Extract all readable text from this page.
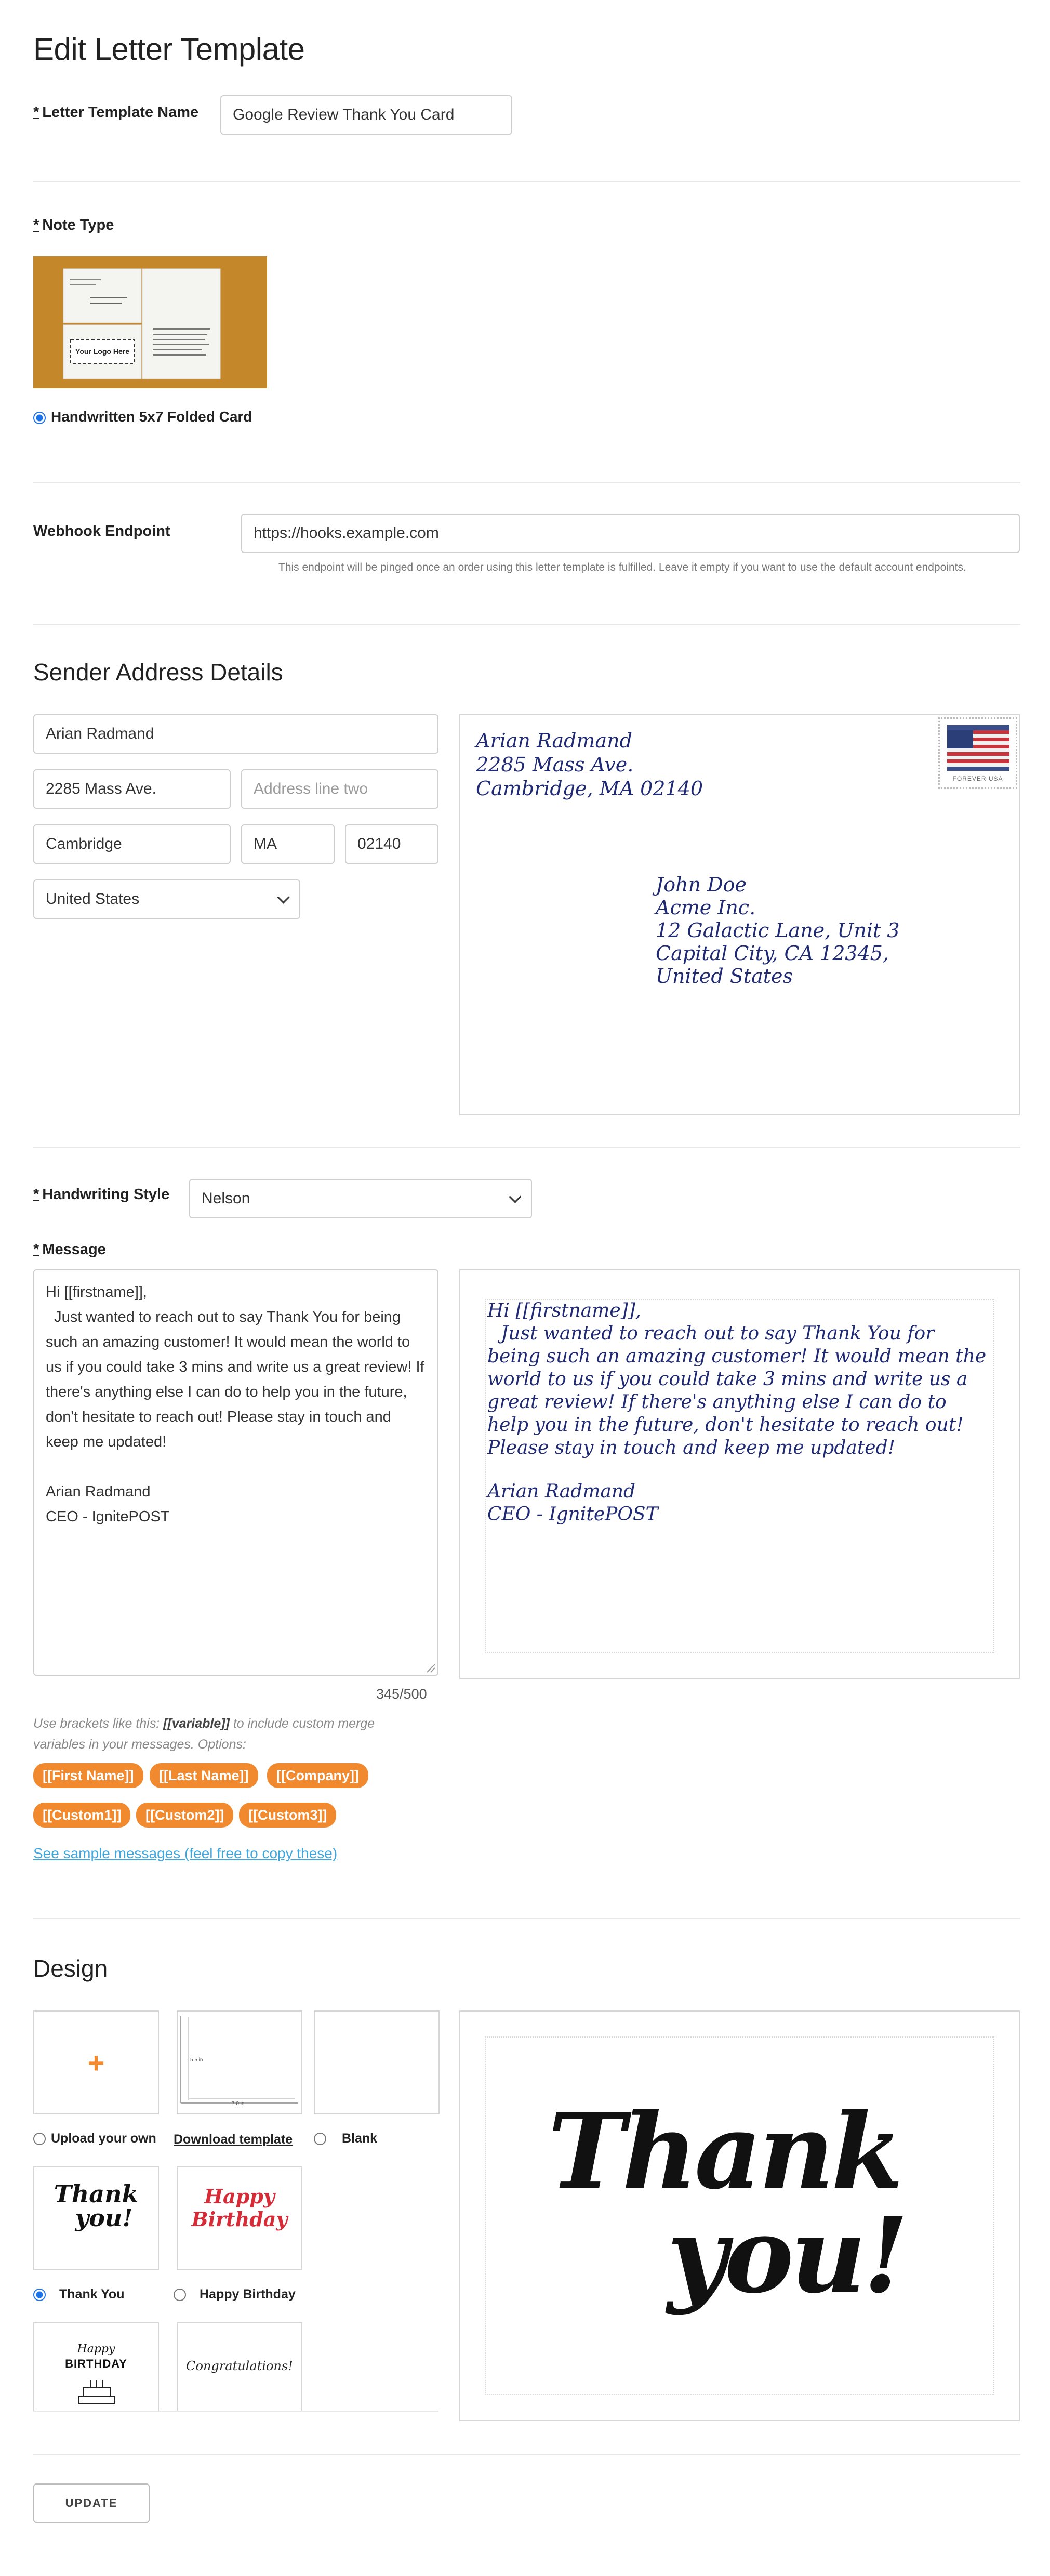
Edit Letter Template
* Letter Template Name	Google Review Thank You Card
* Note Type
Your Logo Here
Handwritten 5x7 Folded Card
Webhook Endpoint	https://hooks.example.com
This endpoint will be pinged once an order using this letter template is fulfilled. Leave it empty if you want to use the default account endpoints.
Sender Address Details
Arian Radmand
2285 Mass Ave.	Address line two
Cambridge	MA	02140
United States
Arian Radmand
2285 Mass Ave.
Cambridge, MA 02140	FOREVER USA
John Doe
Acme Inc.
12 Galactic Lane, Unit 3
Capital City, CA 12345,
United States
* Handwriting Style Nelson
* Message
Hi [[firstname]],
Just wanted to reach out to say Thank You for being such an amazing customer! It would mean the world to us if you could take 3 mins and write us a great review! If there's anything else I can do to help you in the future, don't hesitate to reach out! Please stay in touch and keep me updated!

Arian Radmand
CEO - IgnitePOST
345/500
Hi [[firstname]],
Just wanted to reach out to say Thank You for being such an amazing customer! It would mean the world to us if you could take 3 mins and write us a great review! If there's anything else I can do to help you in the future, don't hesitate to reach out! Please stay in touch and keep me updated!
Arian Radmand
CEO - IgnitePOST
Use brackets like this: [[variable]] to include custom merge variables in your messages. Options:
[[First Name]]	[[Last Name]]	[[Company]]
[[Custom1]]	[[Custom2]]	[[Custom3]]
See sample messages (feel free to copy these)
Design
+	5.5 in
7.0 in
Upload your own Download template	Blank
Thank
you!
Happy
Birthday
Thank You	Happy Birthday
Happy
BIRTHDAY	Congratulations!
Thank
you!
UPDATE
